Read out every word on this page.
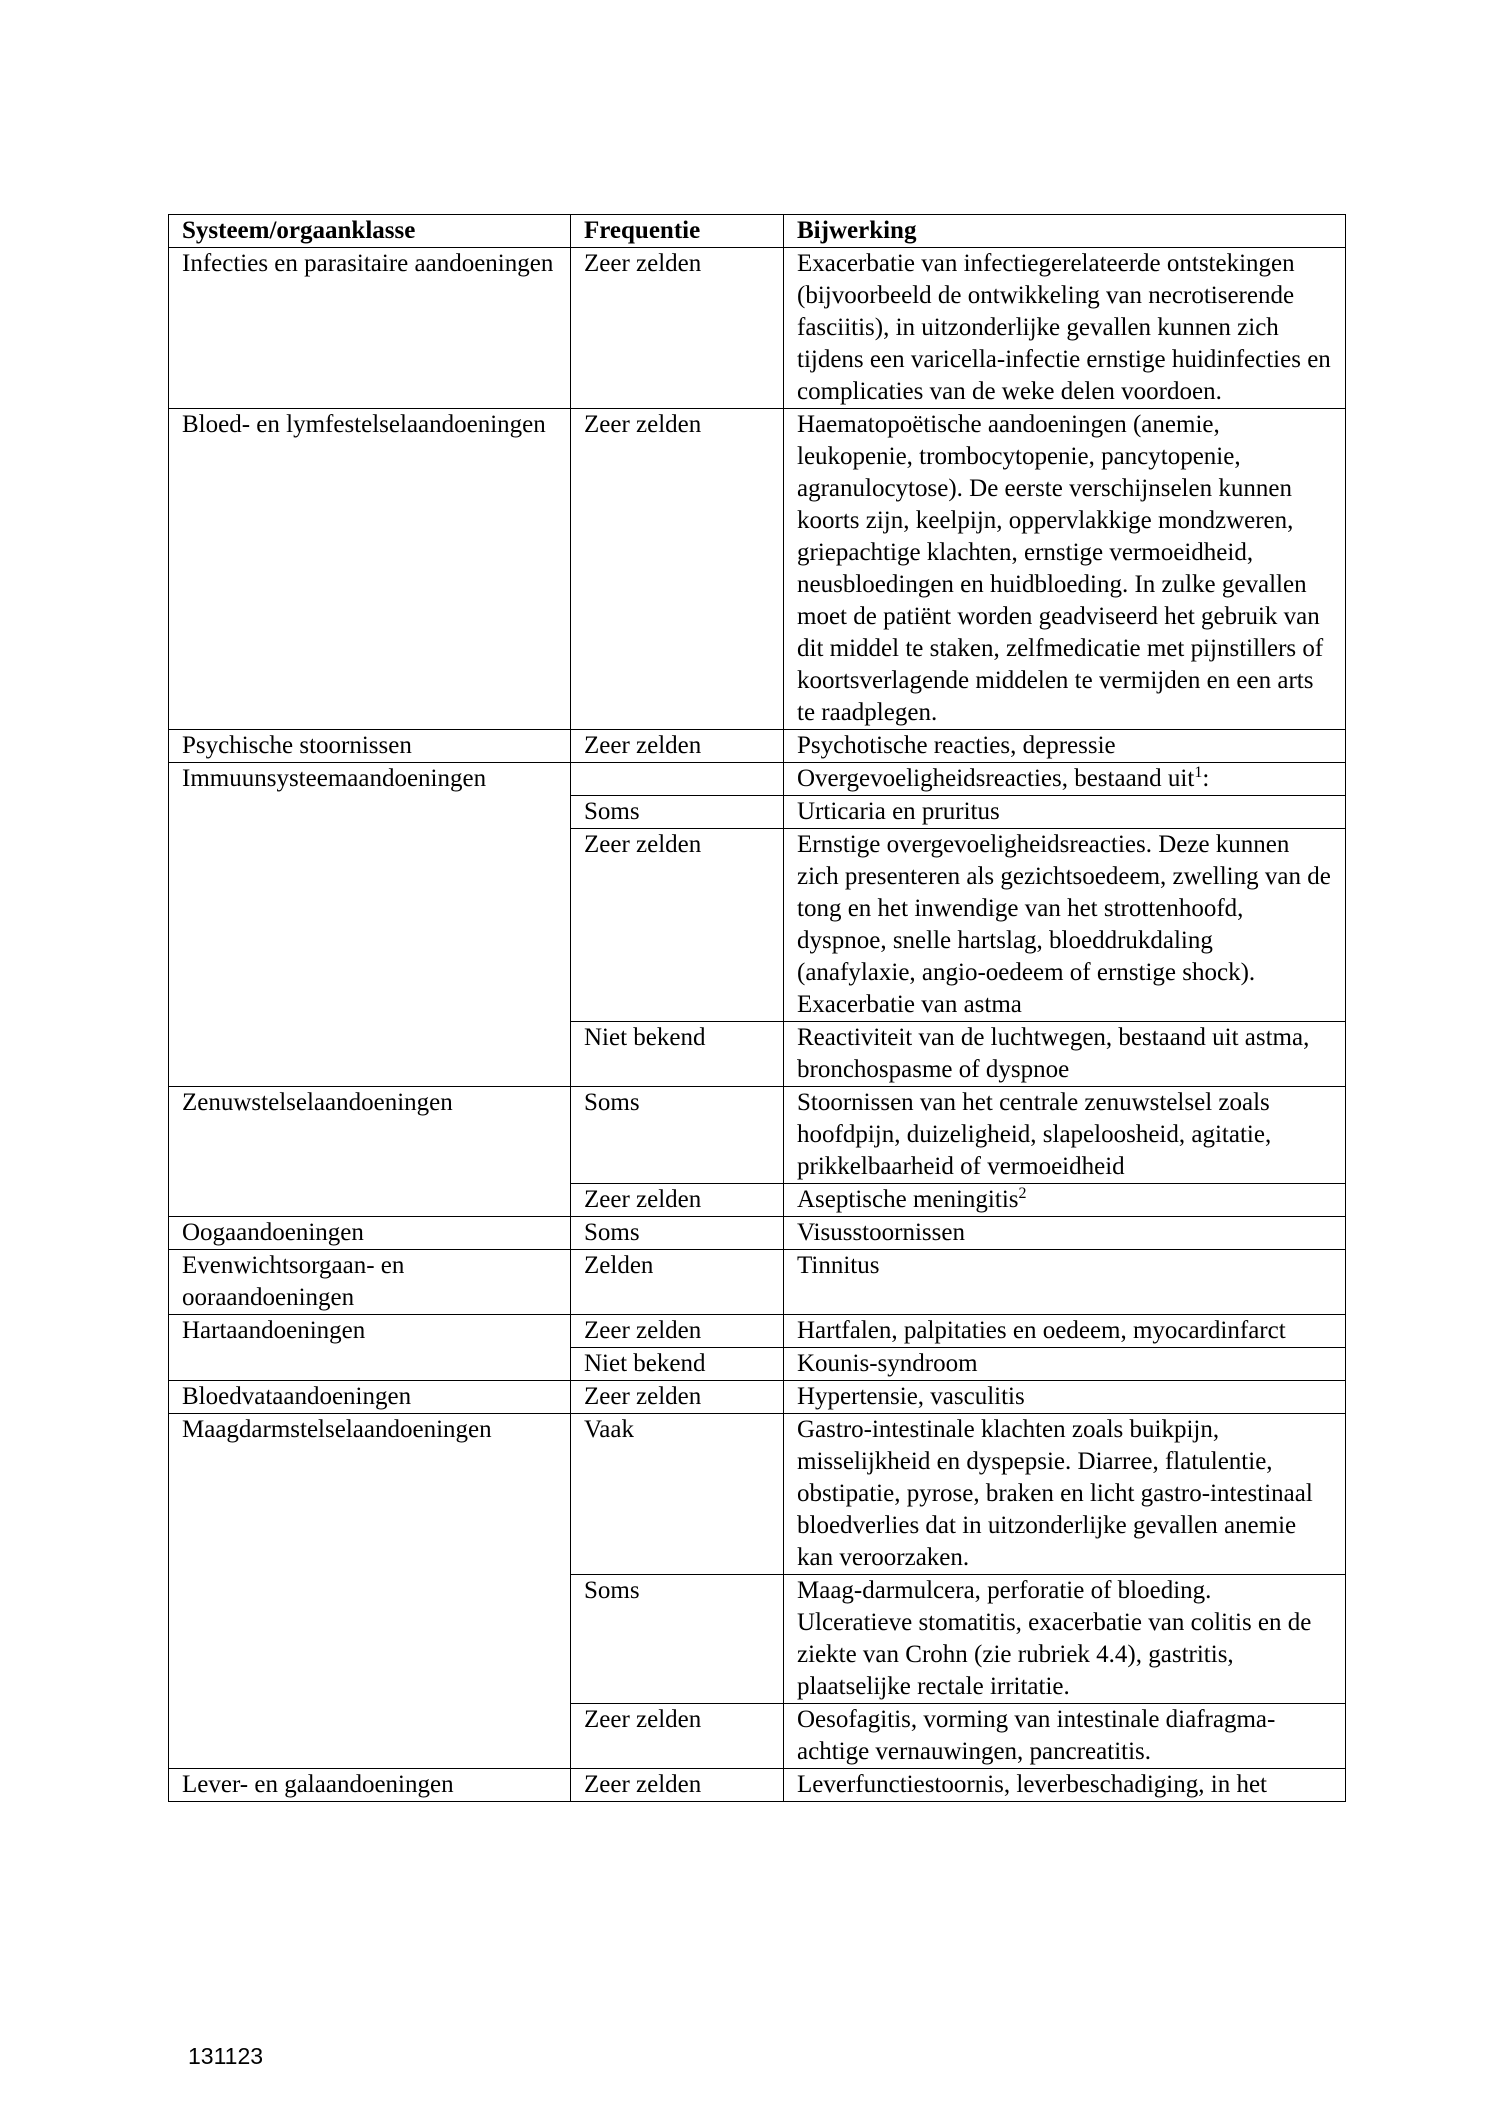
Systeem/orgaanklasse	Frequentie	Bijwerking
Infecties en parasitaire aandoeningen	Zeer zelden	Exacerbatie van infectiegerelateerde ontstekingen (bijvoorbeeld de ontwikkeling van necrotiserende fasciitis), in uitzonderlijke gevallen kunnen zich tijdens een varicella-infectie ernstige huidinfecties en complicaties van de weke delen voordoen.
Bloed- en lymfestelselaandoeningen	Zeer zelden	Haematopoëtische aandoeningen (anemie, leukopenie, trombocytopenie, pancytopenie, agranulocytose). De eerste verschijnselen kunnen koorts zijn, keelpijn, oppervlakkige mondzweren, griepachtige klachten, ernstige vermoeidheid, neusbloedingen en huidbloeding. In zulke gevallen moet de patiënt worden geadviseerd het gebruik van dit middel te staken, zelfmedicatie met pijnstillers of koortsverlagende middelen te vermijden en een arts te raadplegen.
Psychische stoornissen	Zeer zelden	Psychotische reacties, depressie
Immuunsysteemaandoeningen		Overgevoeligheidsreacties, bestaand uit$^1$:
	Soms	Urticaria en pruritus
	Zeer zelden	Ernstige overgevoeligheidsreacties. Deze kunnen zich presenteren als gezichtsoedeem, zwelling van de tong en het inwendige van het strottenhoofd, dyspnoe, snelle hartslag, bloeddrukdaling (anafylaxie, angio-oedeem of ernstige shock). Exacerbatie van astma
	Niet bekend	Reactiviteit van de luchtwegen, bestaand uit astma, bronchospasme of dyspnoe
Zenuwstelselaandoeningen	Soms	Stoornissen van het centrale zenuwstelsel zoals hoofdpijn, duizeligheid, slapeloosheid, agitatie, prikkelbaarheid of vermoeidheid
	Zeer zelden	Aseptische meningitis$^2$
Oogaandoeningen	Soms	Visusstoornissen
Evenwichtsorgaan- en ooraandoeningen	Zelden	Tinnitus
Hartaandoeningen	Zeer zelden	Hartfalen, palpitaties en oedeem, myocardinfarct
	Niet bekend	Kounis-syndroom
Bloedvataandoeningen	Zeer zelden	Hypertensie, vasculitis
Maagdarmstelselaandoeningen	Vaak	Gastro-intestinale klachten zoals buikpijn, misselijkheid en dyspepsie. Diarree, flatulentie, obstipatie, pyrose, braken en licht gastro-intestinaal bloedverlies dat in uitzonderlijke gevallen anemie kan veroorzaken.
	Soms	Maag-darmulcera, perforatie of bloeding. Ulceratieve stomatitis, exacerbatie van colitis en de ziekte van Crohn (zie rubriek 4.4), gastritis, plaatselijke rectale irritatie.
	Zeer zelden	Oesofagitis, vorming van intestinale diafragma-achtige vernauwingen, pancreatitis.
Lever- en galaandoeningen	Zeer zelden	Leverfunctiestoornis, leverbeschadiging, in het
131123
